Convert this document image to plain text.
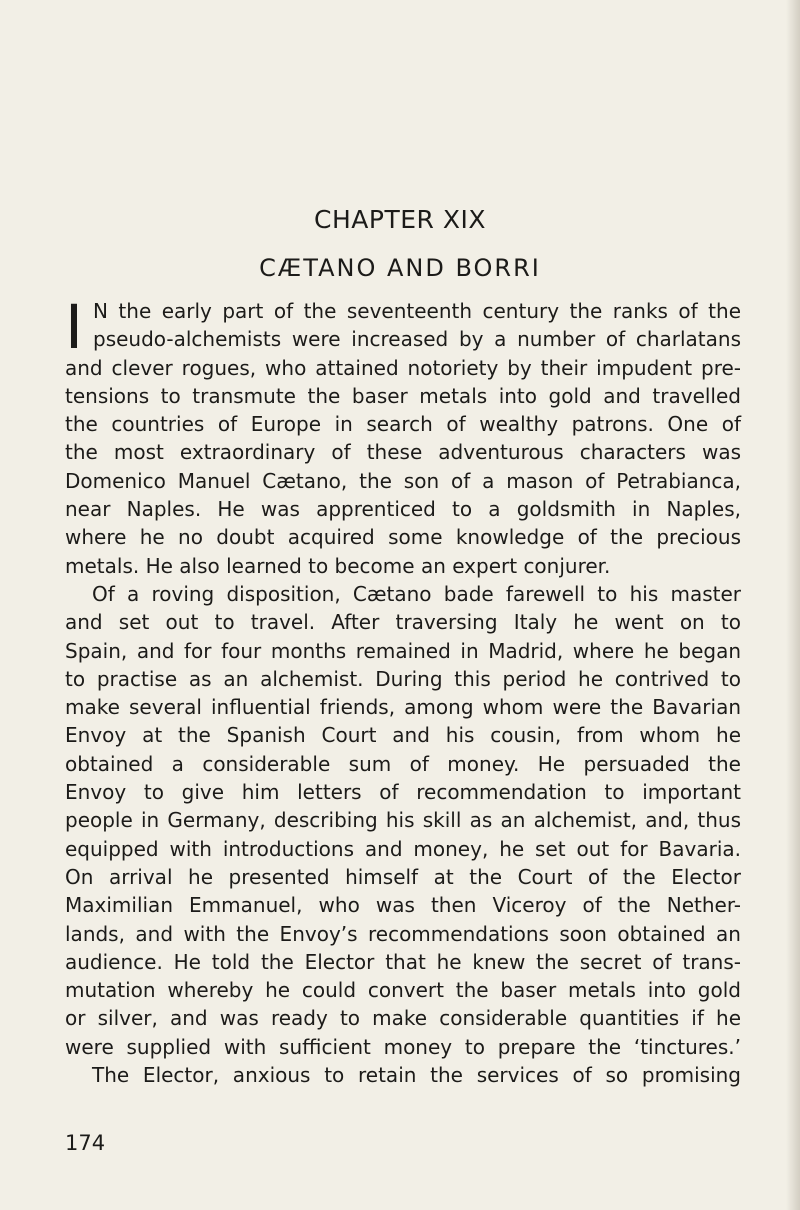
CHAPTER XIX
CÆTANO AND BORRI
I N the early part of the seventeenth century the ranks of the
pseudo-alchemists were increased by a number of charlatans
and clever rogues, who attained notoriety by their impudent pre-
tensions to transmute the baser metals into gold and travelled
the countries of Europe in search of wealthy patrons. One of
the most extraordinary of these adventurous characters was
Domenico Manuel Cætano, the son of a mason of Petrabianca,
near Naples. He was apprenticed to a goldsmith in Naples,
where he no doubt acquired some knowledge of the precious
metals. He also learned to become an expert conjurer.
Of a roving disposition, Cætano bade farewell to his master
and set out to travel. After traversing Italy he went on to
Spain, and for four months remained in Madrid, where he began
to practise as an alchemist. During this period he contrived to
make several influential friends, among whom were the Bavarian
Envoy at the Spanish Court and his cousin, from whom he
obtained a considerable sum of money. He persuaded the
Envoy to give him letters of recommendation to important
people in Germany, describing his skill as an alchemist, and, thus
equipped with introductions and money, he set out for Bavaria.
On arrival he presented himself at the Court of the Elector
Maximilian Emmanuel, who was then Viceroy of the Nether-
lands, and with the Envoy’s recommendations soon obtained an
audience. He told the Elector that he knew the secret of trans-
mutation whereby he could convert the baser metals into gold
or silver, and was ready to make considerable quantities if he
were supplied with sufficient money to prepare the ‘tinctures.’
The Elector, anxious to retain the services of so promising
174
